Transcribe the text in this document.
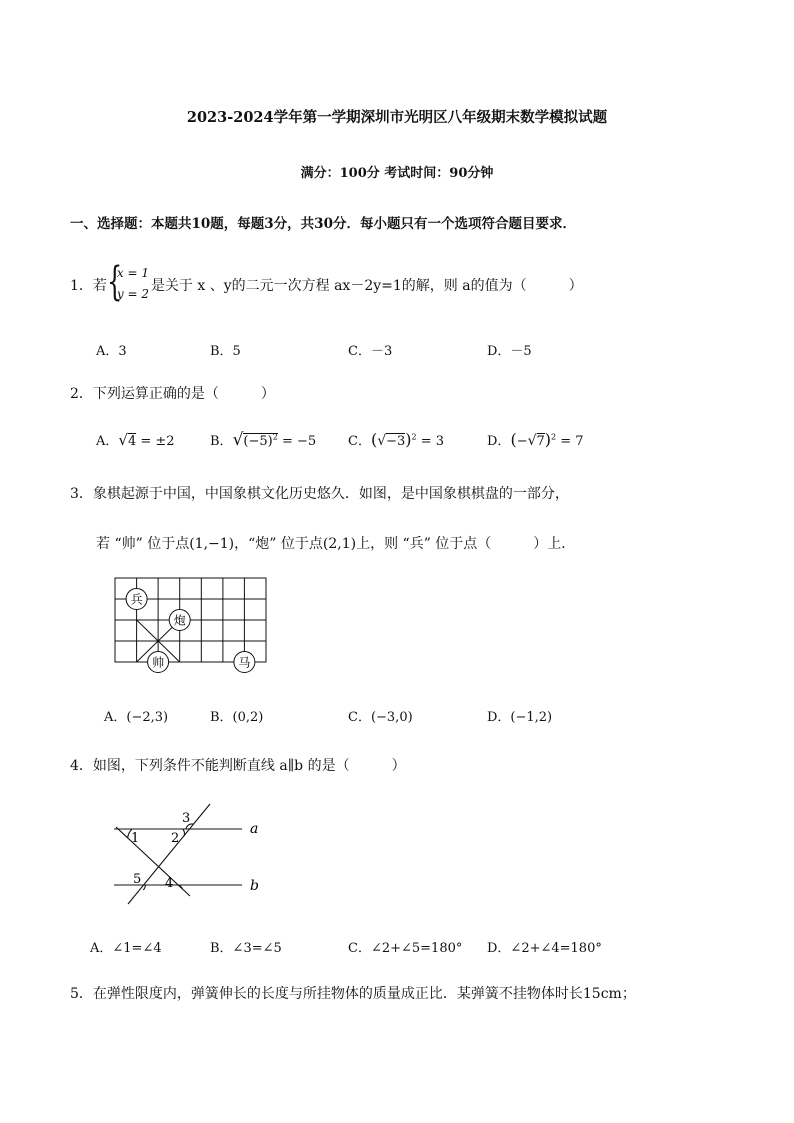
2023-2024学年第一学期深圳市光明区八年级期末数学模拟试题
满分：100分 考试时间：90分钟
一、选择题：本题共10题，每题3分，共30分．每小题只有一个选项符合题目要求．
1．若 {
x = 1
y = 2 是关于 x 、y的二元一次方程 ax－2y=1的解，则 a的值为（　　　）
A．3	B．5	C．－3	D．－5
2．下列运算正确的是（　　　）
A．√4 = ±2	B．$√(-5)^2 = -5$ C．$(√-3)^2 = 3$	D．$(-√7)^2 = 7$
3．象棋起源于中国，中国象棋文化历史悠久．如图，是中国象棋棋盘的一部分，
若 “帅” 位于点(1,−1)，“炮” 位于点(2,1)上，则 “兵” 位于点（　　　）上．
兵
炮
帅	马
A．(−2,3)	B．(0,2)	C．(−3,0)	D．(−1,2)
4．如图，下列条件不能判断直线 a∥b 的是（　　　）
1 2
3
4
5
a
b
A．∠1=∠4	B．∠3=∠5	C．∠2+∠5=180° D．∠2+∠4=180°
5．在弹性限度内，弹簧伸长的长度与所挂物体的质量成正比．某弹簧不挂物体时长15cm；
